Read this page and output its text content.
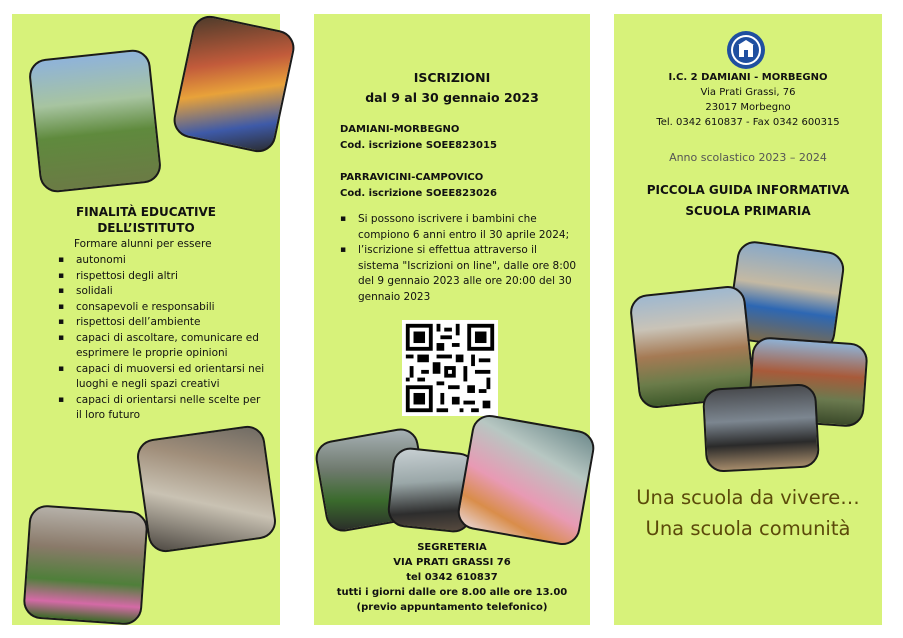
FINALITÀ EDUCATIVE
DELL’ISTITUTO
Formare alunni per essere
▪ autonomi
▪ rispettosi degli altri
▪ solidali
▪ consapevoli e responsabili
▪ rispettosi dell’ambiente
▪ capaci di ascoltare, comunicare ed esprimere le proprie opinioni
▪ capaci di muoversi ed orientarsi nei luoghi e negli spazi creativi
▪ capaci di orientarsi nelle scelte per il loro futuro
ISCRIZIONI
dal 9 al 30 gennaio 2023
DAMIANI-MORBEGNO
Cod. iscrizione SOEE823015
PARRAVICINI-CAMPOVICO
Cod. iscrizione SOEE823026
▪ Si possono iscrivere i bambini che compiono 6 anni entro il 30 aprile 2024;
▪ l’iscrizione si effettua attraverso il sistema "Iscrizioni on line", dalle ore 8:00 del 9 gennaio 2023 alle ore 20:00 del 30 gennaio 2023
SEGRETERIA
VIA PRATI GRASSI 76
tel 0342 610837
tutti i giorni dalle ore 8.00 alle ore 13.00
(previo appuntamento telefonico)
I.C. 2 DAMIANI - MORBEGNO
Via Prati Grassi, 76
23017 Morbegno
Tel. 0342 610837 - Fax 0342 600315
Anno scolastico 2023 – 2024
PICCOLA GUIDA INFORMATIVA
SCUOLA PRIMARIA
Una scuola da vivere…
Una scuola comunità
